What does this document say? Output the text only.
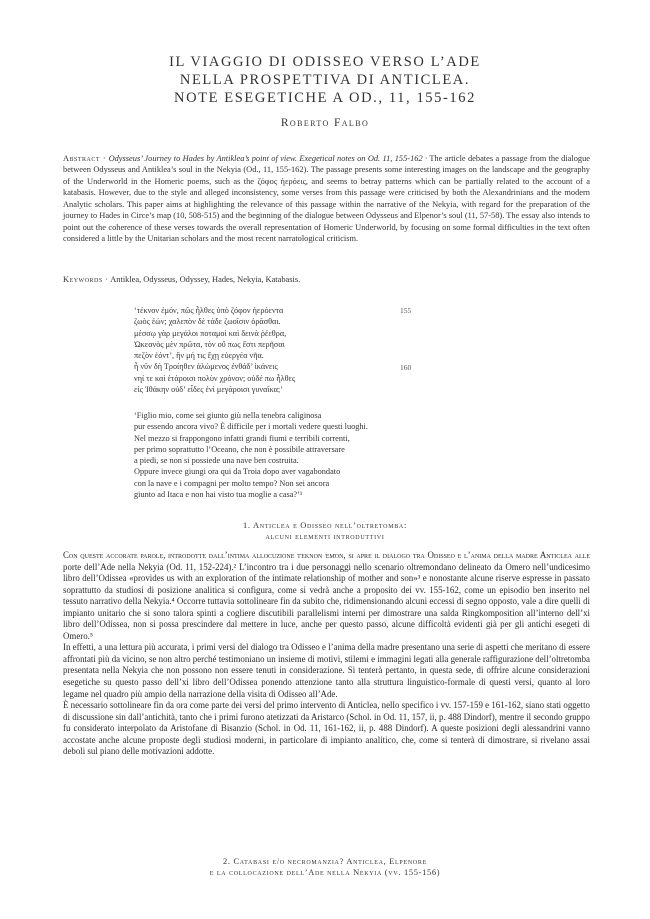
IL VIAGGIO DI ODISSEO VERSO L’ADE
NELLA PROSPETTIVA DI ANTICLEA.
NOTE ESEGETICHE A OD., 11, 155-162
Roberto Falbo
Abstract · Odysseus’ Journey to Hades by Antiklea’s point of view. Exegetical notes on Od. 11, 155-162 · The article debates a passage from the dialogue between Odysseus and Antiklea’s soul in the Nekyia (Od., 11, 155-162). The passage presents some interesting images on the landscape and the geography of the Underworld in the Homeric poems, such as the ζόφος ἠερόεις, and seems to betray patterns which can be partially related to the account of a katabasis. However, due to the style and alleged inconsistency, some verses from this passage were criticised by both the Alexandrinians and the modern Analytic scholars. This paper aims at highlighting the relevance of this passage within the narrative of the Nekyia, with regard for the preparation of the journey to Hades in Circe’s map (10, 508-515) and the beginning of the dialogue between Odysseus and Elpenor’s soul (11, 57-58). The essay also intends to point out the coherence of these verses towards the overall representation of Homeric Underworld, by focusing on some formal difficulties in the text often considered a little by the Unitarian scholars and the most recent narratological criticism.
Keywords · Antiklea, Odysseus, Odyssey, Hades, Nekyia, Katabasis.
‘τέκνον ἐμόν, πῶς ἦλθες ὑπὸ ζόφον ἠερόεντα
ζωὸς ἐών; χαλεπὸν δὲ τάδε ζωοῖσιν ὁρᾶσθαι.
μέσσῳ γὰρ μεγάλοι ποταμοὶ καὶ δεινὰ ῥέεθρα,
Ὠκεανὸς μὲν πρῶτα, τὸν οὔ πως ἔστι περῆσαι
πεζὸν ἐόντ’, ἢν μή τις ἔχῃ εὐεργέα νῆα.
ἦ νῦν δὴ Τροίηθεν ἀλώμενος ἐνθάδ’ ἱκάνεις
νηί τε καὶ ἑτάροισι πολὺν χρόνον; οὐδέ πω ἦλθες
εἰς Ἰθάκην οὐδ’ εἶδες ἐνὶ μεγάροισι γυναῖκα;’
155
160
‘Figlio mio, come sei giunto giù nella tenebra caliginosa
pur essendo ancora vivo? È difficile per i mortali vedere questi luoghi.
Nel mezzo si frappongono infatti grandi fiumi e terribili correnti,
per primo soprattutto l’Oceano, che non è possibile attraversare
a piedi, se non si possiede una nave ben costruita.
Oppure invece giungi ora qui da Troia dopo aver vagabondato
con la nave e i compagni per molto tempo? Non sei ancora
giunto ad Itaca e non hai visto tua moglie a casa?’¹
1. Anticlea e Odisseo nell’oltretomba:
alcuni elementi introduttivi

Con queste accorate parole, introdotte dall’intima allocuzione τέκνον ἐμόν, si apre il dialogo tra Odisseo e l’anima della madre Anticlea alle porte dell’Ade nella Nekyia (Od. 11, 152-224).² L’incontro tra i due personaggi nello scenario oltremondano delineato da Omero nell’undicesimo libro dell’Odissea «provides us with an exploration of the intimate relationship of mother and son»³ e nonostante alcune riserve espresse in passato soprattutto da studiosi di posizione analitica si configura, come si vedrà anche a proposito dei vv. 155-162, come un episodio ben inserito nel tessuto narrativo della Nekyia.⁴ Occorre tuttavia sottolineare fin da subito che, ridimensionando alcuni eccessi di segno opposto, vale a dire quelli di impianto unitario che si sono talora spinti a cogliere discutibili parallelismi interni per dimostrare una salda Ringkomposition all’interno dell’xi libro dell’Odissea, non si possa prescindere dal mettere in luce, anche per questo passo, alcune difficoltà evidenti già per gli antichi esegeti di Omero.⁵

In effetti, a una lettura più accurata, i primi versi del dialogo tra Odisseo e l’anima della madre presentano una serie di aspetti che meritano di essere affrontati più da vicino, se non altro perché testimoniano un insieme di motivi, stilemi e immagini legati alla generale raffigurazione dell’oltretomba presentata nella Nekyia che non possono non essere tenuti in considerazione. Si tenterà pertanto, in questa sede, di offrire alcune considerazioni esegetiche su questo passo dell’xi libro dell’Odissea ponendo attenzione tanto alla struttura linguistico-formale di questi versi, quanto al loro legame nel quadro più ampio della narrazione della visita di Odisseo all’Ade.

È necessario sottolineare fin da ora come parte dei versi del primo intervento di Anticlea, nello specifico i vv. 157-159 e 161-162, siano stati oggetto di discussione sin dall’antichità, tanto che i primi furono atetizzati da Aristarco (Schol. in Od. 11, 157, ii, p. 488 Dindorf), mentre il secondo gruppo fu considerato interpolato da Aristofane di Bisanzio (Schol. in Od. 11, 161-162, ii, p. 488 Dindorf). A queste posizioni degli alessandrini vanno accostate anche alcune proposte degli studiosi moderni, in particolare di impianto analitico, che, come si tenterà di dimostrare, si rivelano assai deboli sul piano delle motivazioni addotte.

2. Catabasi e/o necromanzia? Anticlea, Elpenore
e la collocazione dell’Ade nella Nekyia (vv. 155-156)
